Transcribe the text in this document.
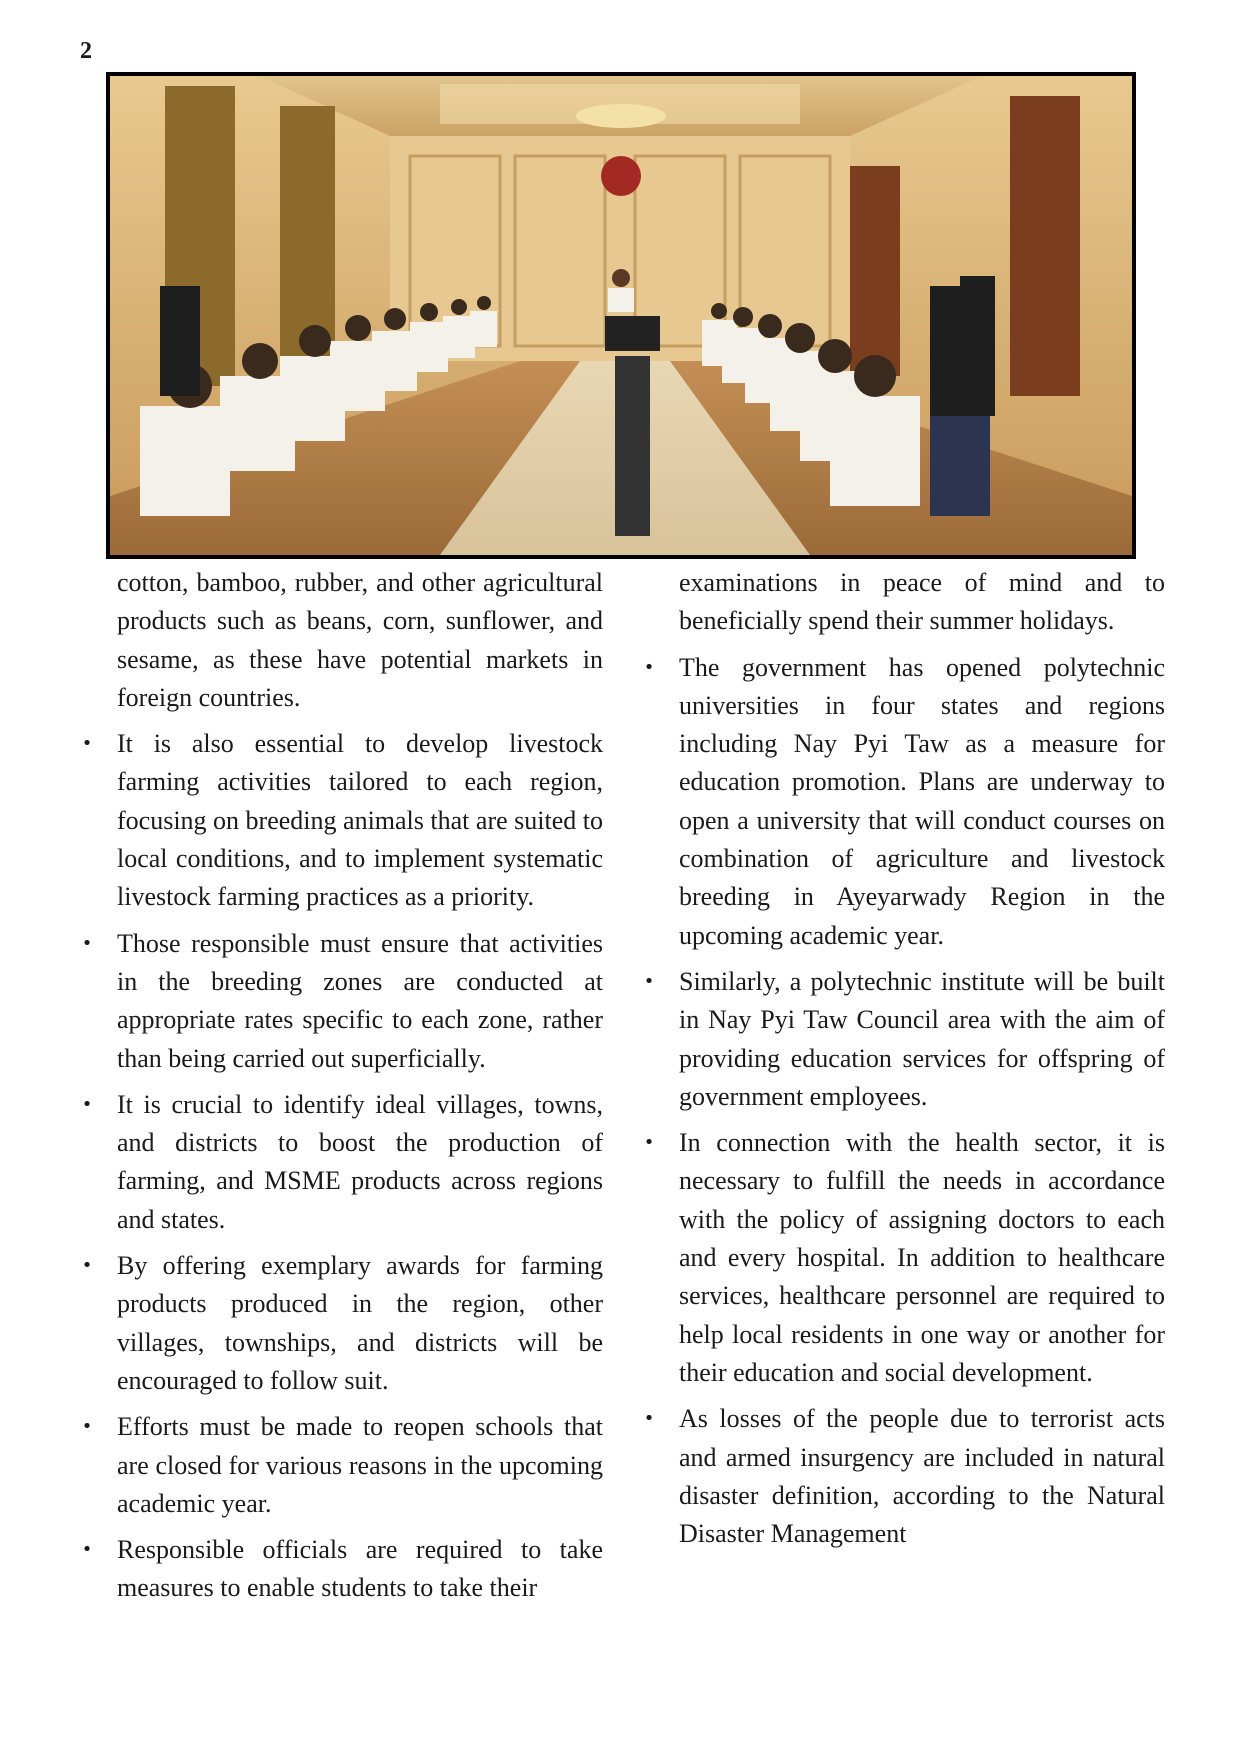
2

cotton, bamboo, rubber, and other agricultural products such as beans, corn, sunflower, and sesame, as these have potential markets in foreign countries.

• It is also essential to develop livestock farming activities tailored to each region, focusing on breeding animals that are suited to local conditions, and to implement systematic livestock farming practices as a priority.
• Those responsible must ensure that activities in the breeding zones are conducted at appropriate rates specific to each zone, rather than being carried out superficially.
• It is crucial to identify ideal villages, towns, and districts to boost the production of farming, and MSME products across regions and states.
• By offering exemplary awards for farming products produced in the region, other villages, townships, and districts will be encouraged to follow suit.
• Efforts must be made to reopen schools that are closed for various reasons in the upcoming academic year.
• Responsible officials are required to take measures to enable students to take their

examinations in peace of mind and to beneficially spend their summer holidays.

• The government has opened polytechnic universities in four states and regions including Nay Pyi Taw as a measure for education promotion. Plans are underway to open a university that will conduct courses on combination of agriculture and livestock breeding in Ayeyarwady Region in the upcoming academic year.
• Similarly, a polytechnic institute will be built in Nay Pyi Taw Council area with the aim of providing education services for offspring of government employees.
• In connection with the health sector, it is necessary to fulfill the needs in accordance with the policy of assigning doctors to each and every hospital. In addition to healthcare services, healthcare personnel are required to help local residents in one way or another for their education and social development.
• As losses of the people due to terrorist acts and armed insurgency are included in natural disaster definition, according to the Natural Disaster Management
